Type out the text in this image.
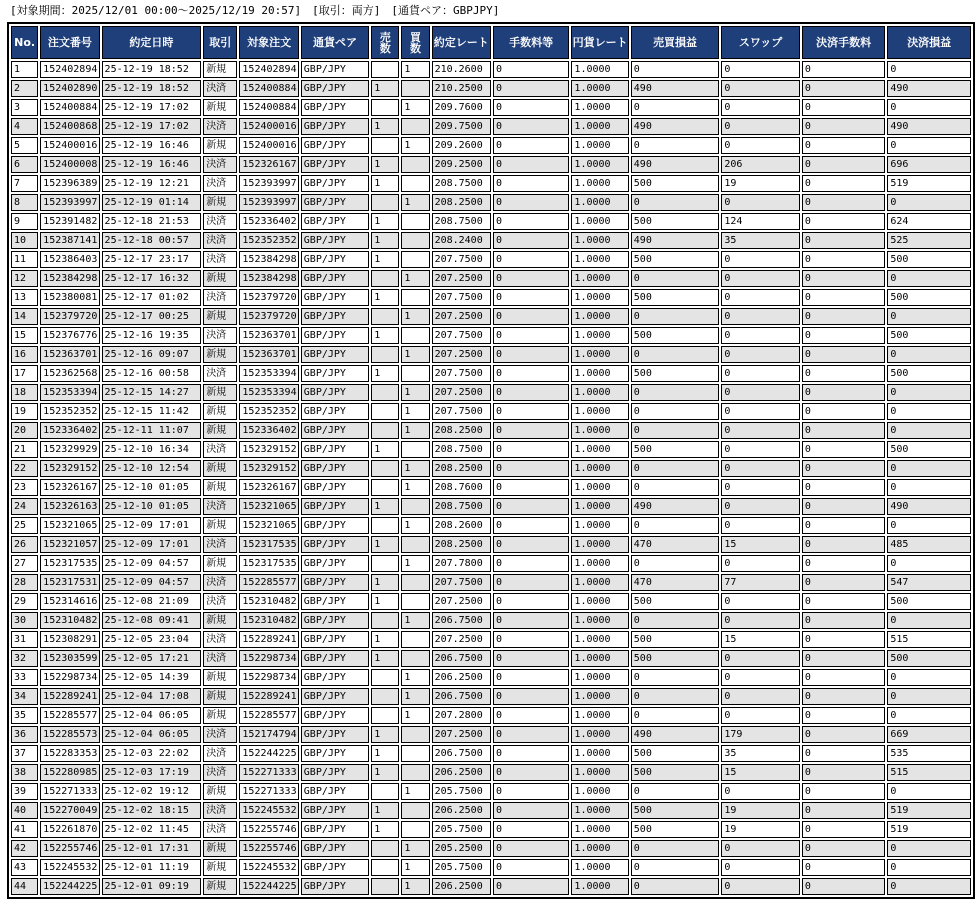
[対象期間：2025/12/01 00:00～2025/12/19 20:57]　[取引：両方]　[通貨ペア：GBPJPY]
No.	注文番号	約定日時	取引	対象注文	通貨ペア	売数	買数	約定レート	手数料等	円貨レート	売買損益	スワップ	決済手数料	決済損益
1	152402894	25-12-19 18:52	新規	152402894	GBP/JPY		1	210.2600	0	1.0000	0	0	0	0
2	152402890	25-12-19 18:52	決済	152400884	GBP/JPY	1		210.2500	0	1.0000	490	0	0	490
3	152400884	25-12-19 17:02	新規	152400884	GBP/JPY		1	209.7600	0	1.0000	0	0	0	0
4	152400868	25-12-19 17:02	決済	152400016	GBP/JPY	1		209.7500	0	1.0000	490	0	0	490
5	152400016	25-12-19 16:46	新規	152400016	GBP/JPY		1	209.2600	0	1.0000	0	0	0	0
6	152400008	25-12-19 16:46	決済	152326167	GBP/JPY	1		209.2500	0	1.0000	490	206	0	696
7	152396389	25-12-19 12:21	決済	152393997	GBP/JPY	1		208.7500	0	1.0000	500	19	0	519
8	152393997	25-12-19 01:14	新規	152393997	GBP/JPY		1	208.2500	0	1.0000	0	0	0	0
9	152391482	25-12-18 21:53	決済	152336402	GBP/JPY	1		208.7500	0	1.0000	500	124	0	624
10	152387141	25-12-18 00:57	決済	152352352	GBP/JPY	1		208.2400	0	1.0000	490	35	0	525
11	152386403	25-12-17 23:17	決済	152384298	GBP/JPY	1		207.7500	0	1.0000	500	0	0	500
12	152384298	25-12-17 16:32	新規	152384298	GBP/JPY		1	207.2500	0	1.0000	0	0	0	0
13	152380081	25-12-17 01:02	決済	152379720	GBP/JPY	1		207.7500	0	1.0000	500	0	0	500
14	152379720	25-12-17 00:25	新規	152379720	GBP/JPY		1	207.2500	0	1.0000	0	0	0	0
15	152376776	25-12-16 19:35	決済	152363701	GBP/JPY	1		207.7500	0	1.0000	500	0	0	500
16	152363701	25-12-16 09:07	新規	152363701	GBP/JPY		1	207.2500	0	1.0000	0	0	0	0
17	152362568	25-12-16 00:58	決済	152353394	GBP/JPY	1		207.7500	0	1.0000	500	0	0	500
18	152353394	25-12-15 14:27	新規	152353394	GBP/JPY		1	207.2500	0	1.0000	0	0	0	0
19	152352352	25-12-15 11:42	新規	152352352	GBP/JPY		1	207.7500	0	1.0000	0	0	0	0
20	152336402	25-12-11 11:07	新規	152336402	GBP/JPY		1	208.2500	0	1.0000	0	0	0	0
21	152329929	25-12-10 16:34	決済	152329152	GBP/JPY	1		208.7500	0	1.0000	500	0	0	500
22	152329152	25-12-10 12:54	新規	152329152	GBP/JPY		1	208.2500	0	1.0000	0	0	0	0
23	152326167	25-12-10 01:05	新規	152326167	GBP/JPY		1	208.7600	0	1.0000	0	0	0	0
24	152326163	25-12-10 01:05	決済	152321065	GBP/JPY	1		208.7500	0	1.0000	490	0	0	490
25	152321065	25-12-09 17:01	新規	152321065	GBP/JPY		1	208.2600	0	1.0000	0	0	0	0
26	152321057	25-12-09 17:01	決済	152317535	GBP/JPY	1		208.2500	0	1.0000	470	15	0	485
27	152317535	25-12-09 04:57	新規	152317535	GBP/JPY		1	207.7800	0	1.0000	0	0	0	0
28	152317531	25-12-09 04:57	決済	152285577	GBP/JPY	1		207.7500	0	1.0000	470	77	0	547
29	152314616	25-12-08 21:09	決済	152310482	GBP/JPY	1		207.2500	0	1.0000	500	0	0	500
30	152310482	25-12-08 09:41	新規	152310482	GBP/JPY		1	206.7500	0	1.0000	0	0	0	0
31	152308291	25-12-05 23:04	決済	152289241	GBP/JPY	1		207.2500	0	1.0000	500	15	0	515
32	152303599	25-12-05 17:21	決済	152298734	GBP/JPY	1		206.7500	0	1.0000	500	0	0	500
33	152298734	25-12-05 14:39	新規	152298734	GBP/JPY		1	206.2500	0	1.0000	0	0	0	0
34	152289241	25-12-04 17:08	新規	152289241	GBP/JPY		1	206.7500	0	1.0000	0	0	0	0
35	152285577	25-12-04 06:05	新規	152285577	GBP/JPY		1	207.2800	0	1.0000	0	0	0	0
36	152285573	25-12-04 06:05	決済	152174794	GBP/JPY	1		207.2500	0	1.0000	490	179	0	669
37	152283353	25-12-03 22:02	決済	152244225	GBP/JPY	1		206.7500	0	1.0000	500	35	0	535
38	152280985	25-12-03 17:19	決済	152271333	GBP/JPY	1		206.2500	0	1.0000	500	15	0	515
39	152271333	25-12-02 19:12	新規	152271333	GBP/JPY		1	205.7500	0	1.0000	0	0	0	0
40	152270049	25-12-02 18:15	決済	152245532	GBP/JPY	1		206.2500	0	1.0000	500	19	0	519
41	152261870	25-12-02 11:45	決済	152255746	GBP/JPY	1		205.7500	0	1.0000	500	19	0	519
42	152255746	25-12-01 17:31	新規	152255746	GBP/JPY		1	205.2500	0	1.0000	0	0	0	0
43	152245532	25-12-01 11:19	新規	152245532	GBP/JPY		1	205.7500	0	1.0000	0	0	0	0
44	152244225	25-12-01 09:19	新規	152244225	GBP/JPY		1	206.2500	0	1.0000	0	0	0	0
